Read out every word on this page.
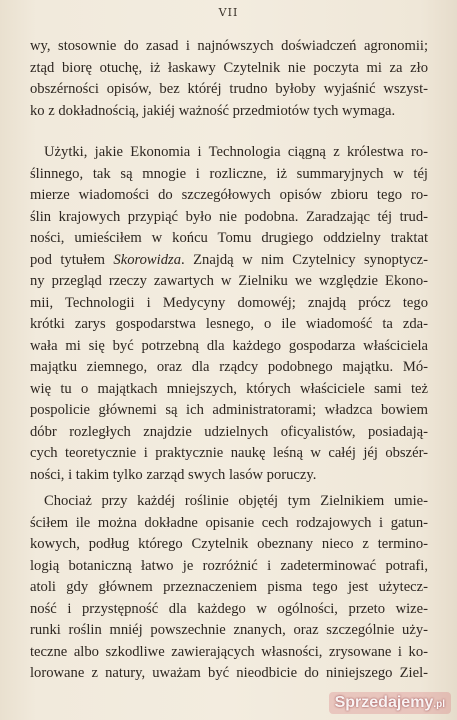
VII
wy, stosownie do zasad i najnówszych doświadczeń agronomii;
ztąd biorę otuchę, iż łaskawy Czytelnik nie poczyta mi za zło
obszérności opisów, bez któréj trudno byłoby wyjaśnić wszyst-
ko z dokładnością, jakiéj ważność przedmiotów tych wymaga.
Użytki, jakie Ekonomia i Technologia ciągną z królestwa ro-
ślinnego, tak są mnogie i rozliczne, iż summaryjnych w téj
mierze wiadomości do szczegółowych opisów zbioru tego ro-
ślin krajowych przypiąć było nie podobna. Zaradzając téj trud-
ności, umieściłem w końcu Tomu drugiego oddzielny traktat
pod tytułem Skorowidza. Znajdą w nim Czytelnicy synoptycz-
ny przegląd rzeczy zawartych w Zielniku we względzie Ekono-
mii, Technologii i Medycyny domowéj; znajdą prócz tego
krótki zarys gospodarstwa lesnego, o ile wiadomość ta zda-
wała mi się być potrzebną dla każdego gospodarza właściciela
majątku ziemnego, oraz dla rządcy podobnego majątku. Mó-
wię tu o majątkach mniejszych, których właściciele sami też
pospolicie głównemi są ich administratorami; władzca bowiem
dóbr rozległych znajdzie udzielnych oficyalistów, posiadają-
cych teoretycznie i praktycznie naukę leśną w całéj jéj obszér-
ności, i takim tylko zarząd swych lasów poruczy.
Chociaż przy każdéj roślinie objętéj tym Zielnikiem umie-
ściłem ile można dokładne opisanie cech rodzajowych i gatun-
kowych, podług którego Czytelnik obeznany nieco z termino-
logią botaniczną łatwo je rozróżnić i zadeterminować potrafi,
atoli gdy głównem przeznaczeniem pisma tego jest użytecz-
ność i przystępność dla każdego w ogólności, przeto wize-
runki roślin mniéj powszechnie znanych, oraz szczególnie uży-
teczne albo szkodliwe zawierających własności, zrysowane i ko-
lorowane z natury, uważam być nieodbicie do niniejszego Ziel-
Sprzedajemy.pl
